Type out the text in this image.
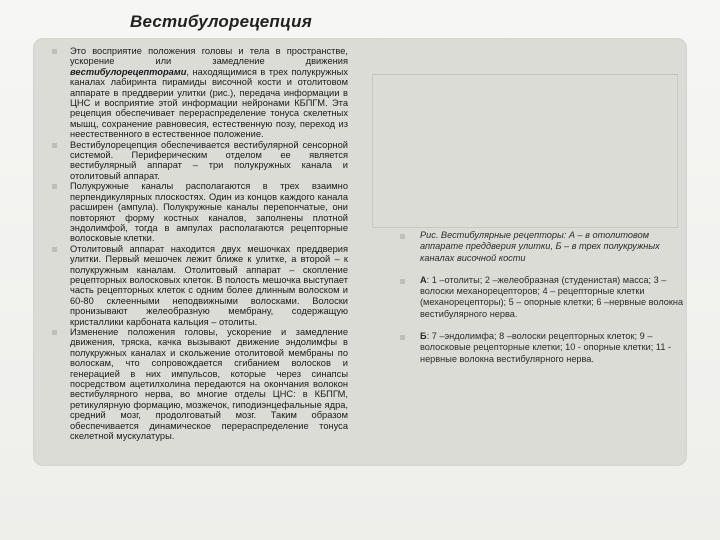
Вестибулорецепция

Это восприятие положения головы и тела в пространстве, ускорение или замедление движения вестибулорецепторами, находящимися в трех полукружных каналах лабиринта пирамиды височной кости и отолитовом аппарате в преддверии улитки (рис.), передача информации в ЦНС и восприятие этой информации нейронами КБПГМ. Эта рецепция обеспечивает перераспределение тонуса скелетных мышц, сохранение равновесия, естественную позу, переход из неестественного в естественное положение.

Вестибулорецепция обеспечивается вестибулярной сенсорной системой. Периферическим отделом ее является вестибулярный аппарат – три полукружных канала и отолитовый аппарат.

Полукружные каналы располагаются в трех взаимно перпендикулярных плоскостях. Один из концов каждого канала расширен (ампула). Полукружные каналы перепончатые, они повторяют форму костных каналов, заполнены плотной эндолимфой, тогда в ампулах располагаются рецепторные волосковые клетки.

Отолитовый аппарат находится двух мешочках преддверия улитки. Первый мешочек лежит ближе к улитке, а второй – к полукружным каналам. Отолитовый аппарат – скопление рецепторных волосковых клеток. В полость мешочка выступает часть рецепторных клеток с одним более длинным волоском и 60-80 склеенными неподвижными волосками. Волоски пронизывают желеобразную мембрану, содержащую кристаллики карбоната кальция – отолиты.

Изменение положения головы, ускорение и замедление движения, тряска, качка вызывают движение эндолимфы в полукружных каналах и скольжение отолитовой мембраны по волоскам, что сопровождается сгибанием волосков и генерацией в них импульсов, которые через синапсы посредством ацетилхолина передаются на окончания волокон вестибулярного нерва, во многие отделы ЦНС: в КБПГМ, ретикулярную формацию, мозжечок, гиподиэнцефальные ядра, средний мозг, продолговатый мозг. Таким образом обеспечивается динамическое перераспределение тонуса скелетной мускулатуры.

Рис. Вестибулярные рецепторы: А – в отолитовом аппарате преддверия улитки, Б – в трех полукружных каналах височной кости
А: 1 –отолиты; 2 –желеобразная (студенистая) масса; 3 –волоски механорецепторов; 4 – рецепторные клетки (механорецепторы); 5 – опорные клетки; 6 –нервные волокна вестибулярного нерва.
Б: 7 –эндолимфа; 8 –волоски рецепторных клеток; 9 –волосковые рецепторные клетки; 10 - опорные клетки; 11 - нервные волокна вестибулярного нерва.
